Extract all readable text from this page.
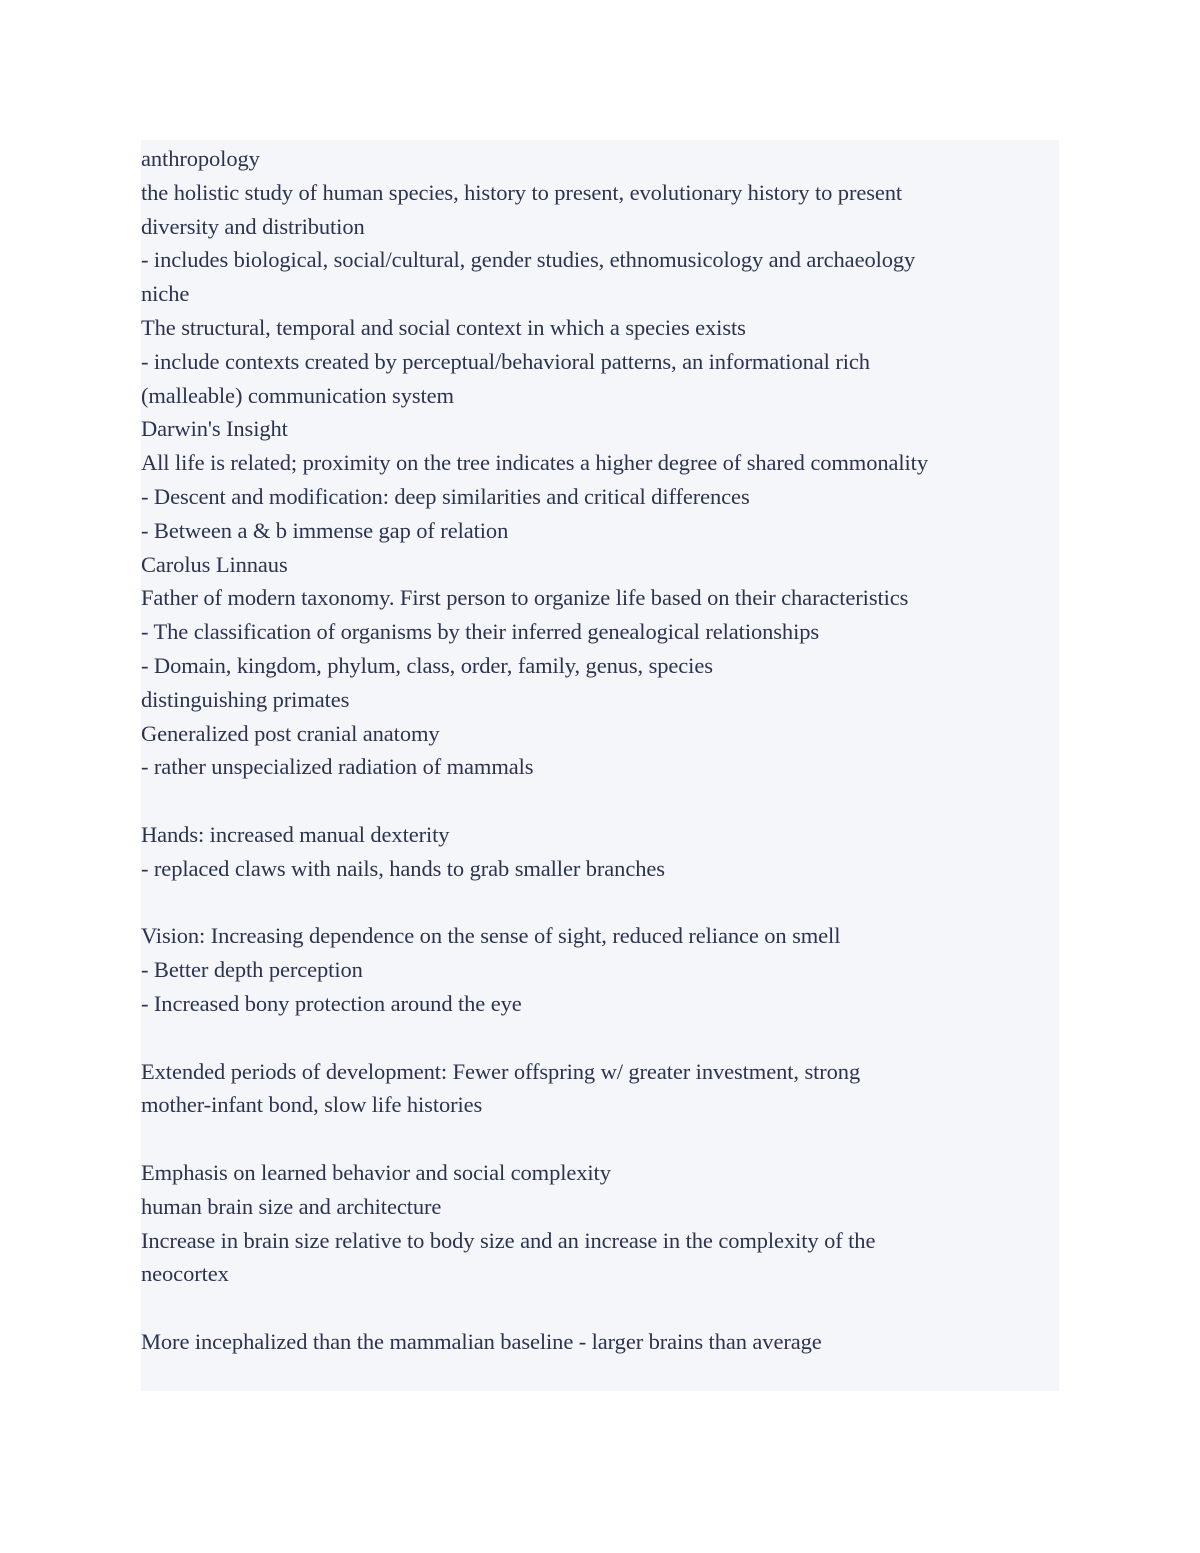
anthropology

the holistic study of human species, history to present, evolutionary history to present

diversity and distribution

- includes biological, social/cultural, gender studies, ethnomusicology and archaeology

niche

The structural, temporal and social context in which a species exists

- include contexts created by perceptual/behavioral patterns, an informational rich

(malleable) communication system

Darwin's Insight

All life is related; proximity on the tree indicates a higher degree of shared commonality

- Descent and modification: deep similarities and critical differences

- Between a & b immense gap of relation

Carolus Linnaus

Father of modern taxonomy. First person to organize life based on their characteristics

- The classification of organisms by their inferred genealogical relationships

- Domain, kingdom, phylum, class, order, family, genus, species

distinguishing primates

Generalized post cranial anatomy

- rather unspecialized radiation of mammals

Hands: increased manual dexterity

- replaced claws with nails, hands to grab smaller branches

Vision: Increasing dependence on the sense of sight, reduced reliance on smell

- Better depth perception

- Increased bony protection around the eye

Extended periods of development: Fewer offspring w/ greater investment, strong

mother-infant bond, slow life histories

Emphasis on learned behavior and social complexity

human brain size and architecture

Increase in brain size relative to body size and an increase in the complexity of the

neocortex

More incephalized than the mammalian baseline - larger brains than average
